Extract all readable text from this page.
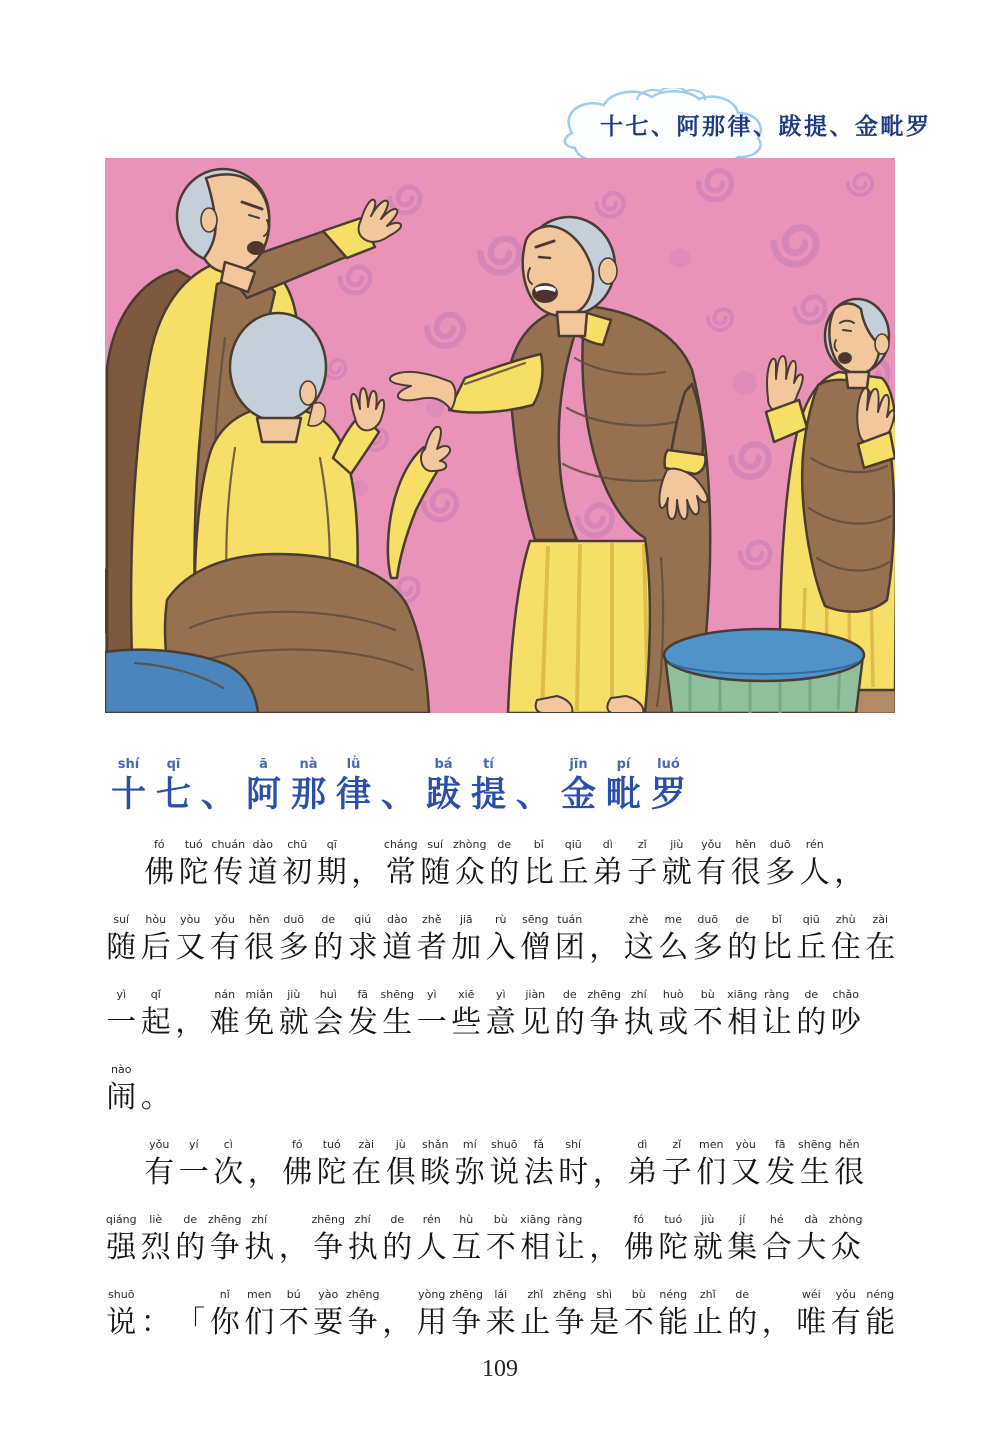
十七、阿那律、跋提、金毗罗
shí
十
qī
七 、
ā
阿
nà
那
lǜ
律 、
bá
跋
tí
提 、
jīn
金
pí
毗
luó
罗
fó
佛
tuó
陀
chuán
传
dào
道
chū
初
qī
期 ，
cháng
常
suí
随
zhòng
众
de
的
bǐ
比
qiū
丘
dì
弟
zǐ
子
jiù
就
yǒu
有
hěn
很
duō
多
rén
人 ，
suí
随
hòu
后
yòu
又
yǒu
有
hěn
很
duō
多
de
的
qiú
求
dào
道
zhě
者
jiā
加
rù
入
sēng
僧
tuán
团 ，
zhè
这
me
么
duō
多
de
的
bǐ
比
qiū
丘
zhù
住
zài
在
yì
一
qǐ
起 ，
nán
难
miǎn
免
jiù
就
huì
会
fā
发
shēng
生
yì
一
xiē
些
yì
意
jiàn
见
de
的
zhēng
争
zhí
执
huò
或
bù
不
xiāng
相
ràng
让
de
的
chǎo
吵
nào
闹 。
yǒu
有
yí
一
cì
次 ，
fó
佛
tuó
陀
zài
在
jù
俱
shǎn
睒
mí
弥
shuō
说
fǎ
法
shí
时 ，
dì
弟
zǐ
子
men
们
yòu
又
fā
发
shēng
生
hěn
很
qiáng
强
liè
烈
de
的
zhēng
争
zhí
执 ，
zhēng
争
zhí
执
de
的
rén
人
hù
互
bù
不
xiāng
相
ràng
让 ，
fó
佛
tuó
陀
jiù
就
jí
集
hé
合
dà
大
zhòng
众
shuō
说 ： 「
nǐ
你
men
们
bú
不
yào
要
zhēng
争 ，
yòng
用
zhēng
争
lái
来
zhǐ
止
zhēng
争
shì
是
bù
不
néng
能
zhǐ
止
de
的 ，
wéi
唯
yǒu
有
néng
能
109
